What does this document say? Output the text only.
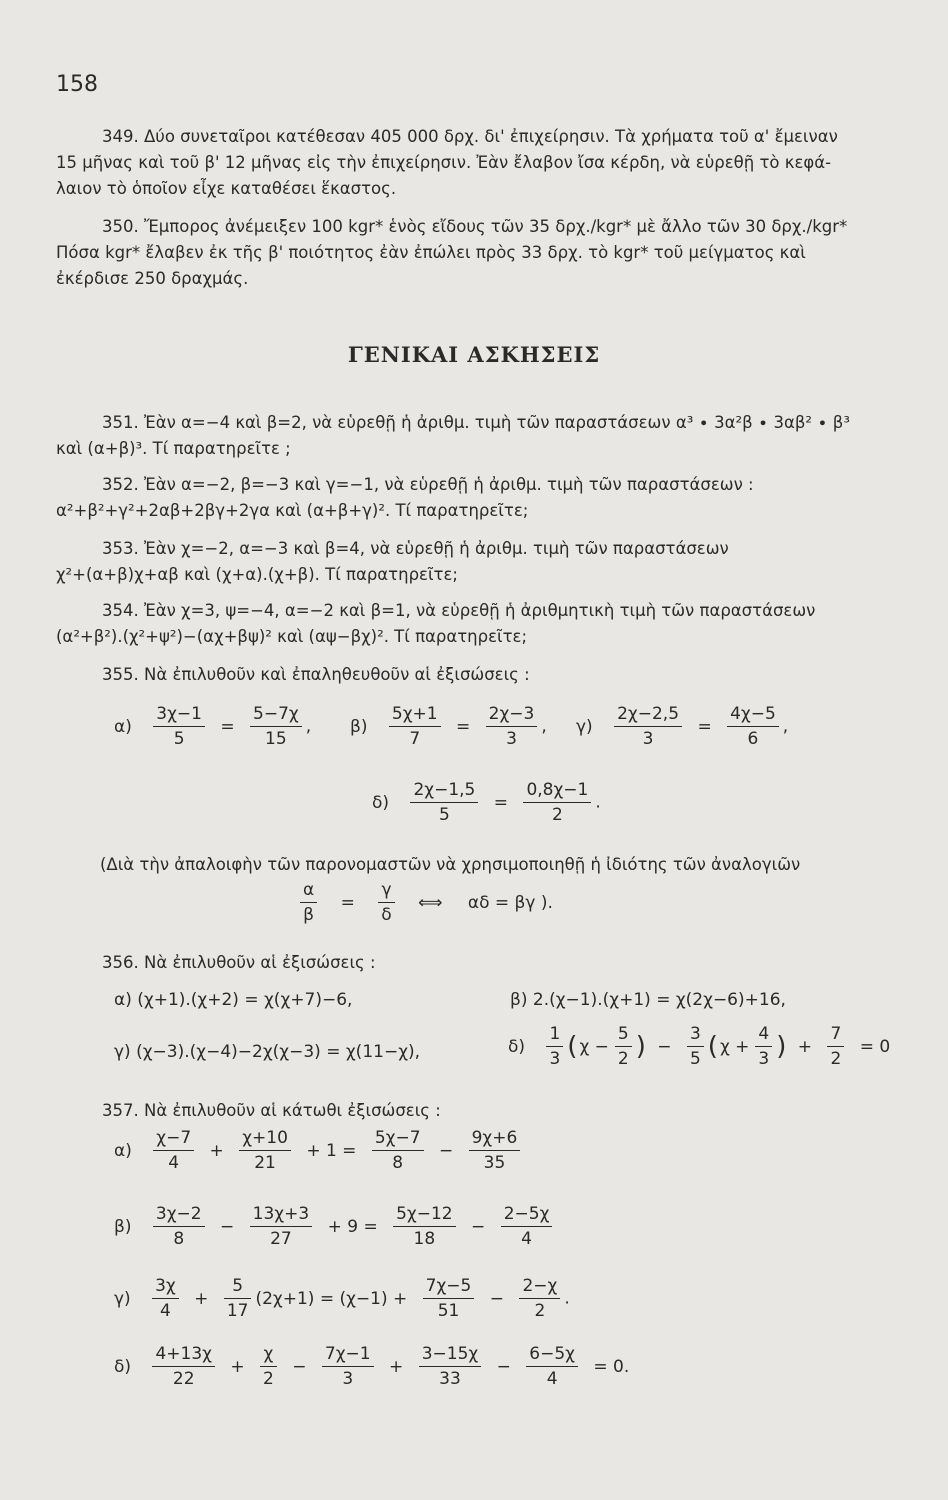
158
349. Δύο συνεταῖροι κατέθεσαν 405 000 δρχ. δι' ἐπιχείρησιν. Τὰ χρήματα τοῦ α' ἔμειναν
15 μῆνας καὶ τοῦ β' 12 μῆνας εἰς τὴν ἐπιχείρησιν. Ἐὰν ἔλαβον ἴσα κέρδη, νὰ εὑρεθῇ τὸ κεφά-
λαιον τὸ ὁποῖον εἶχε καταθέσει ἕκαστος.
350. Ἔμπορος ἀνέμειξεν 100 kgr* ἑνὸς εἴδους τῶν 35 δρχ./kgr* μὲ ἄλλο τῶν 30 δρχ./kgr*
Πόσα kgr* ἔλαβεν ἐκ τῆς β' ποιότητος ἐὰν ἐπώλει πρὸς 33 δρχ. τὸ kgr* τοῦ μείγματος καὶ
ἐκέρδισε 250 δραχμάς.
ΓΕΝΙΚΑΙ ΑΣΚΗΣΕΙΣ
351. Ἐὰν α=−4 καὶ β=2, νὰ εὑρεθῇ ἡ ἀριθμ. τιμὴ τῶν παραστάσεων α³ ∙ 3α²β ∙ 3αβ² ∙ β³
καὶ (α+β)³. Τί παρατηρεῖτε ;
352. Ἐὰν α=−2, β=−3 καὶ γ=−1, νὰ εὑρεθῇ ἡ ἀριθμ. τιμὴ τῶν παραστάσεων :
α²+β²+γ²+2αβ+2βγ+2γα καὶ (α+β+γ)². Τί παρατηρεῖτε;
353. Ἐὰν χ=−2, α=−3 καὶ β=4, νὰ εὑρεθῇ ἡ ἀριθμ. τιμὴ τῶν παραστάσεων
χ²+(α+β)χ+αβ καὶ (χ+α).(χ+β). Τί παρατηρεῖτε;
354. Ἐὰν χ=3, ψ=−4, α=−2 καὶ β=1, νὰ εὑρεθῇ ἡ ἀριθμητικὴ τιμὴ τῶν παραστάσεων
(α²+β²).(χ²+ψ²)−(αχ+βψ)² καὶ (αψ−βχ)². Τί παρατηρεῖτε;
355. Νὰ ἐπιλυθοῦν καὶ ἐπαληθευθοῦν αἱ ἐξισώσεις :
$\alpha) \frac{3\chi-1}{5} = \frac{5-7\chi}{15}$ , $\beta) \frac{5\chi+1}{7} = \frac{2\chi-3}{3}$ , $\gamma) \frac{2\chi-2,5}{3} = \frac{4\chi-5}{6}$ ,
$\delta) \frac{2\chi-1,5}{5} = \frac{0,8\chi-1}{2}$ .
(Διὰ τὴν ἀπαλοιφὴν τῶν παρονομαστῶν νὰ χρησιμοποιηθῇ ἡ ἰδιότης τῶν ἀναλογιῶν
$\frac{\alpha}{\beta} = \frac{\gamma}{\delta}$ ⟺ αδ = βγ ).
356. Νὰ ἐπιλυθοῦν αἱ ἐξισώσεις :
α) (χ+1).(χ+2) = χ(χ+7)−6,	β) 2.(χ−1).(χ+1) = χ(2χ−6)+16,
γ) (χ−3).(χ−4)−2χ(χ−3) = χ(11−χ),	$\delta) \frac{1}{3}$ ( $\chi - \frac{5}{2}$ ) − $\frac{3}{5}$ ( $\chi + \frac{4}{3}$ ) + $\frac{7}{2} = 0$
357. Νὰ ἐπιλυθοῦν αἱ κάτωθι ἐξισώσεις :
$\alpha) \frac{\chi-7}{4} + \frac{\chi+10}{21} + 1 = \frac{5\chi-7}{8} - \frac{9\chi+6}{35}$
$\beta) \frac{3\chi-2}{8} - \frac{13\chi+3}{27} + 9 = \frac{5\chi-12}{18} - \frac{2-5\chi}{4}$
$\gamma) \frac{3\chi}{4} + \frac{5}{17} (2\chi+1) = (\chi-1) + \frac{7\chi-5}{51} - \frac{2-\chi}{2}$ .
$\delta) \frac{4+13\chi}{22} + \frac{\chi}{2} - \frac{7\chi-1}{3} + \frac{3-15\chi}{33} - \frac{6-5\chi}{4} = 0$.
